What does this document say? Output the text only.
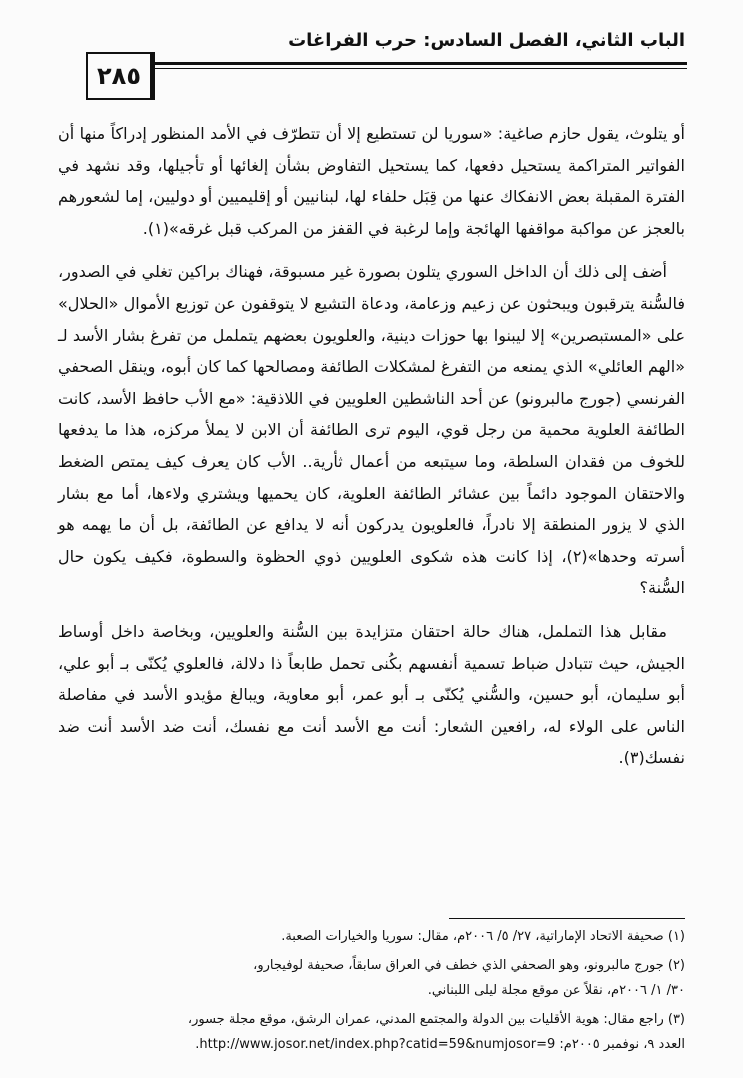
الباب الثاني، الفصل السادس: حرب الفراغات
٢٨٥

أو يتلوث، يقول حازم صاغية: «سوريا لن تستطيع إلا أن تتطرّف في الأمد المنظور إدراكاً منها أن الفواتير المتراكمة يستحيل دفعها، كما يستحيل التفاوض بشأن إلغائها أو تأجيلها، وقد نشهد في الفترة المقبلة بعض الانفكاك عنها من قِبَل حلفاء لها، لبنانيين أو إقليميين أو دوليين، إما لشعورهم بالعجز عن مواكبة مواقفها الهائجة وإما لرغبة في القفز من المركب قبل غرقه»(١).

أضف إلى ذلك أن الداخل السوري يتلون بصورة غير مسبوقة، فهناك براكين تغلي في الصدور، فالسُّنة يترقبون ويبحثون عن زعيم وزعامة، ودعاة التشيع لا يتوقفون عن توزيع الأموال «الحلال» على «المستبصرين» إلا ليبنوا بها حوزات دينية، والعلويون بعضهم يتململ من تفرغ بشار الأسد لـ «الهم العائلي» الذي يمنعه من التفرغ لمشكلات الطائفة ومصالحها كما كان أبوه، وينقل الصحفي الفرنسي (جورج مالبرونو) عن أحد الناشطين العلويين في اللاذقية: «مع الأب حافظ الأسد، كانت الطائفة العلوية محمية من رجل قوي، اليوم ترى الطائفة أن الابن لا يملأ مركزه، هذا ما يدفعها للخوف من فقدان السلطة، وما سيتبعه من أعمال ثأرية.. الأب كان يعرف كيف يمتص الضغط والاحتقان الموجود دائماً بين عشائر الطائفة العلوية، كان يحميها ويشتري ولاءها، أما مع بشار الذي لا يزور المنطقة إلا نادراً، فالعلويون يدركون أنه لا يدافع عن الطائفة، بل أن ما يهمه هو أسرته وحدها»(٢)، إذا كانت هذه شكوى العلويين ذوي الحظوة والسطوة، فكيف يكون حال السُّنة؟

مقابل هذا التململ، هناك حالة احتقان متزايدة بين السُّنة والعلويين، وبخاصة داخل أوساط الجيش، حيث تتبادل ضباط تسمية أنفسهم بكُنى تحمل طابعاً ذا دلالة، فالعلوي يُكنّى بـ أبو علي، أبو سليمان، أبو حسين، والسُّني يُكنّى بـ أبو عمر، أبو معاوية، ويبالغ مؤيدو الأسد في مفاصلة الناس على الولاء له، رافعين الشعار: أنت مع الأسد أنت مع نفسك، أنت ضد الأسد أنت ضد نفسك(٣).

(١) صحيفة الاتحاد الإماراتية، ٢٧/ ٥/ ٢٠٠٦م، مقال: سوريا والخيارات الصعبة.
(٢) جورج مالبرونو، وهو الصحفي الذي خطف في العراق سابقاً، صحيفة لوفيجارو،
٣٠/ ١/ ٢٠٠٦م، نقلاً عن موقع مجلة ليلى اللبناني.
(٣) راجع مقال: هوية الأقليات بين الدولة والمجتمع المدني، عمران الرشق، موقع مجلة جسور،
العدد ٩، نوفمبر ٢٠٠٥م: http://www.josor.net/index.php?catid=59&numjosor=9.
